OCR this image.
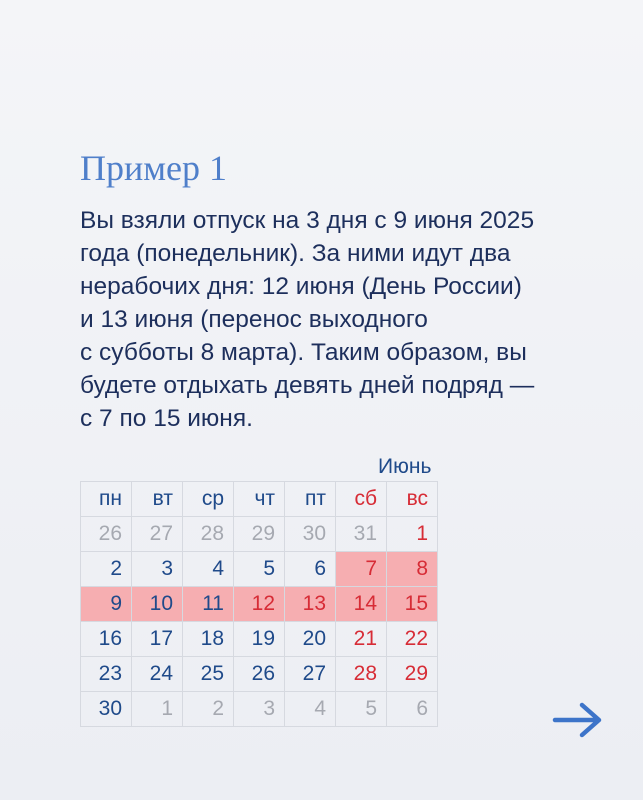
Пример 1
Вы взяли отпуск на 3 дня с 9 июня 2025
года (понедельник). За ними идут два
нерабочих дня: 12 июня (День России)
и 13 июня (перенос выходного
с субботы 8 марта). Таким образом, вы
будете отдыхать девять дней подряд —
с 7 по 15 июня.
Июнь
пн	вт	ср	чт	пт	сб	вс
26	27	28	29	30	31	1
2	3	4	5	6	7	8
9	10	11	12	13	14	15
16	17	18	19	20	21	22
23	24	25	26	27	28	29
30	1	2	3	4	5	6
